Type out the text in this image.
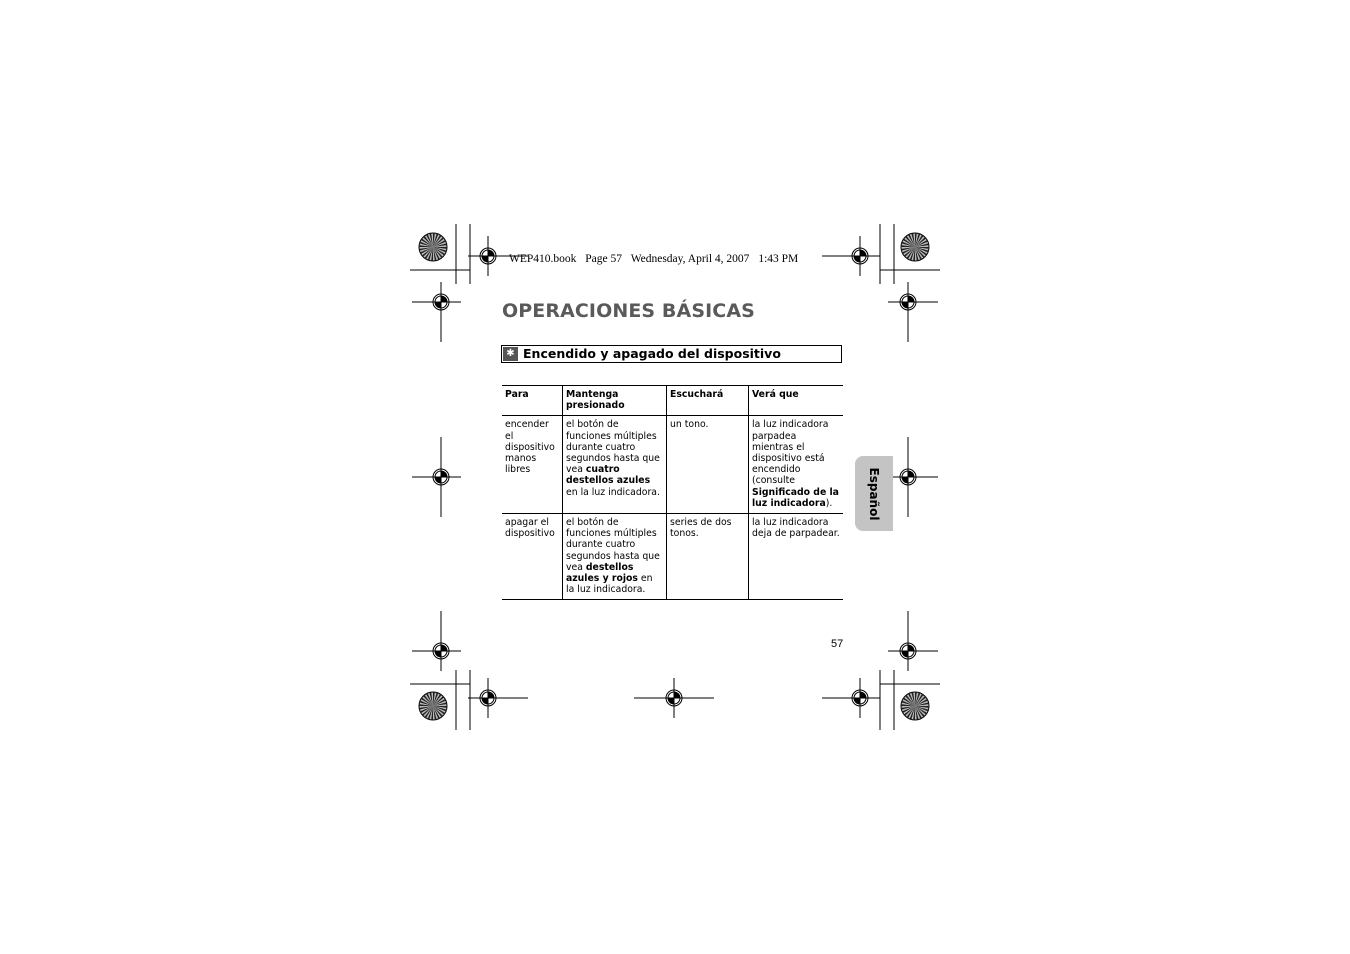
WEP410.book Page 57 Wednesday, April 4, 2007 1:43 PM
OPERACIONES BÁSICAS
✱ Encendido y apagado del dispositivo
Para	Mantenga presionado	Escuchará	Verá que
encender el dispositivo manos libres	el botón de funciones múltiples durante cuatro segundos hasta que vea cuatro destellos azules en la luz indicadora.	un tono.	la luz indicadora parpadea mientras el dispositivo está encendido (consulte Significado de la luz indicadora).
apagar el dispositivo	el botón de funciones múltiples durante cuatro segundos hasta que vea destellos azules y rojos en la luz indicadora.	series de dos tonos.	la luz indicadora deja de parpadear.
Español
57
